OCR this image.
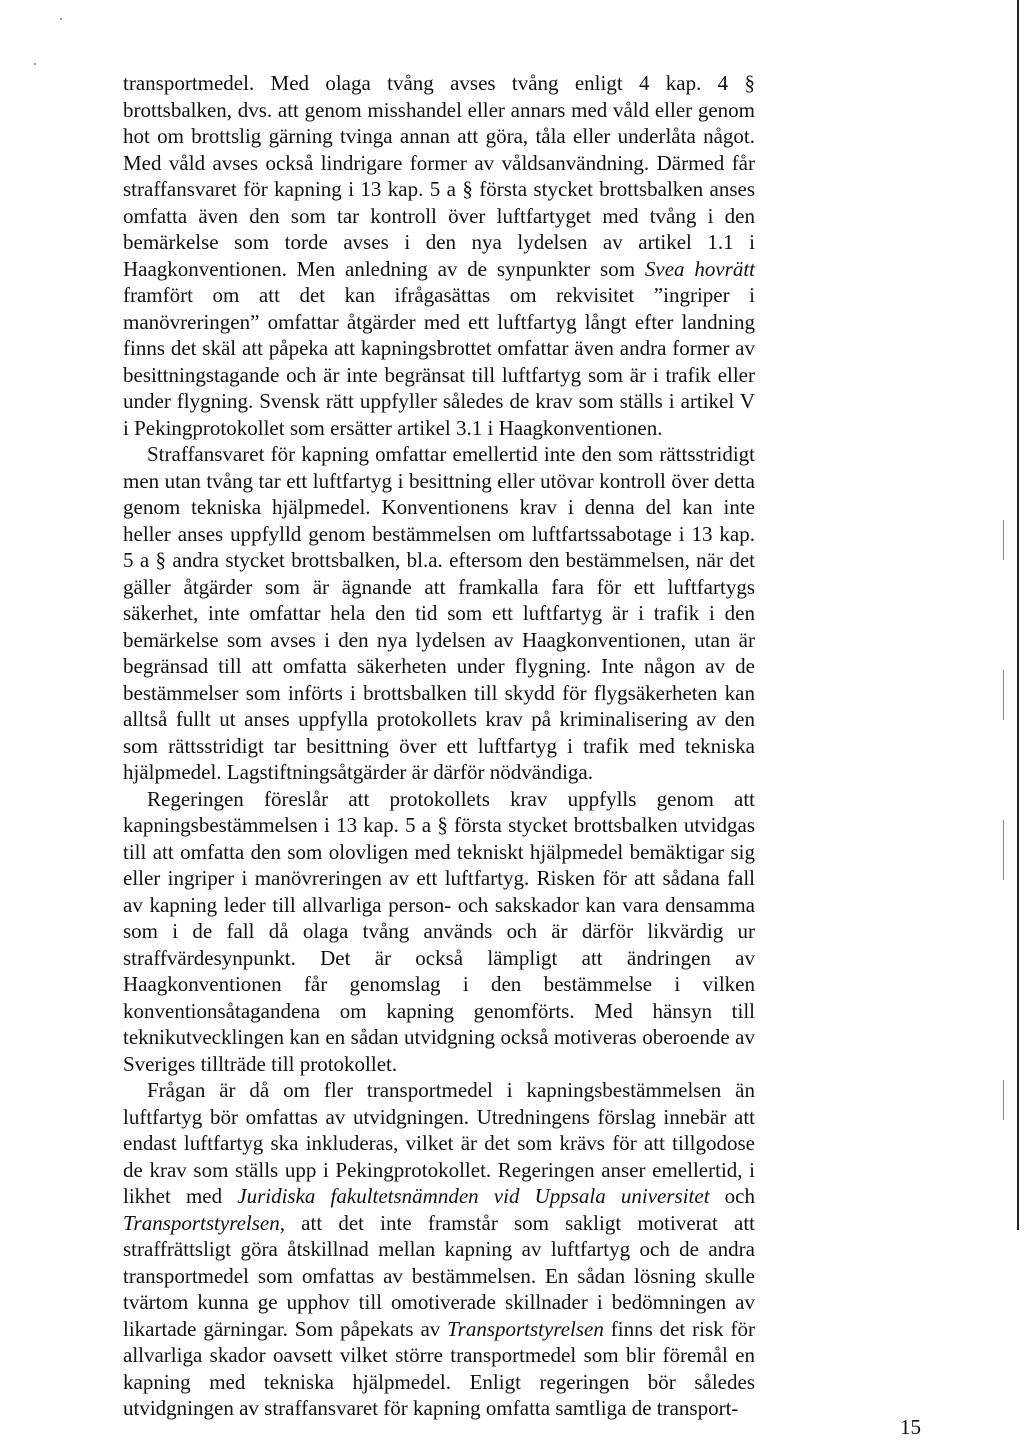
transportmedel. Med olaga tvång avses tvång enligt 4 kap. 4 § brottsbalken, dvs. att genom misshandel eller annars med våld eller genom hot om brottslig gärning tvinga annan att göra, tåla eller underlåta något. Med våld avses också lindrigare former av våldsanvändning. Därmed får straffansvaret för kapning i 13 kap. 5 a § första stycket brottsbalken anses omfatta även den som tar kontroll över luftfartyget med tvång i den bemärkelse som torde avses i den nya lydelsen av artikel 1.1 i Haagkonventionen. Men anledning av de synpunkter som Svea hovrätt framfört om att det kan ifrågasättas om rekvisitet ”ingriper i manövreringen” omfattar åtgärder med ett luftfartyg långt efter landning finns det skäl att påpeka att kapningsbrottet omfattar även andra former av besittningstagande och är inte begränsat till luftfartyg som är i trafik eller under flygning. Svensk rätt uppfyller således de krav som ställs i artikel V i Pekingprotokollet som ersätter artikel 3.1 i Haagkonventionen.

Straffansvaret för kapning omfattar emellertid inte den som rättsstridigt men utan tvång tar ett luftfartyg i besittning eller utövar kontroll över detta genom tekniska hjälpmedel. Konventionens krav i denna del kan inte heller anses uppfylld genom bestämmelsen om luftfartssabotage i 13 kap. 5 a § andra stycket brottsbalken, bl.a. eftersom den bestämmelsen, när det gäller åtgärder som är ägnande att framkalla fara för ett luftfartygs säkerhet, inte omfattar hela den tid som ett luftfartyg är i trafik i den bemärkelse som avses i den nya lydelsen av Haagkonventionen, utan är begränsad till att omfatta säkerheten under flygning. Inte någon av de bestämmelser som införts i brottsbalken till skydd för flygsäkerheten kan alltså fullt ut anses uppfylla protokollets krav på kriminalisering av den som rättsstridigt tar besittning över ett luftfartyg i trafik med tekniska hjälpmedel. Lagstiftningsåtgärder är därför nödvändiga.

Regeringen föreslår att protokollets krav uppfylls genom att kapningsbestämmelsen i 13 kap. 5 a § första stycket brottsbalken utvidgas till att omfatta den som olovligen med tekniskt hjälpmedel bemäktigar sig eller ingriper i manövreringen av ett luftfartyg. Risken för att sådana fall av kapning leder till allvarliga person- och sakskador kan vara densamma som i de fall då olaga tvång används och är därför likvärdig ur straffvärdesynpunkt. Det är också lämpligt att ändringen av Haagkonventionen får genomslag i den bestämmelse i vilken konventionsåtagandena om kapning genomförts. Med hänsyn till teknikutvecklingen kan en sådan utvidgning också motiveras oberoende av Sveriges tillträde till protokollet.

Frågan är då om fler transportmedel i kapningsbestämmelsen än luftfartyg bör omfattas av utvidgningen. Utredningens förslag innebär att endast luftfartyg ska inkluderas, vilket är det som krävs för att tillgodose de krav som ställs upp i Pekingprotokollet. Regeringen anser emellertid, i likhet med Juridiska fakultetsnämnden vid Uppsala universitet och Transportstyrelsen, att det inte framstår som sakligt motiverat att straffrättsligt göra åtskillnad mellan kapning av luftfartyg och de andra transportmedel som omfattas av bestämmelsen. En sådan lösning skulle tvärtom kunna ge upphov till omotiverade skillnader i bedömningen av likartade gärningar. Som påpekats av Transportstyrelsen finns det risk för allvarliga skador oavsett vilket större transportmedel som blir föremål en kapning med tekniska hjälpmedel. Enligt regeringen bör således utvidgningen av straffansvaret för kapning omfatta samtliga de transport-

15
